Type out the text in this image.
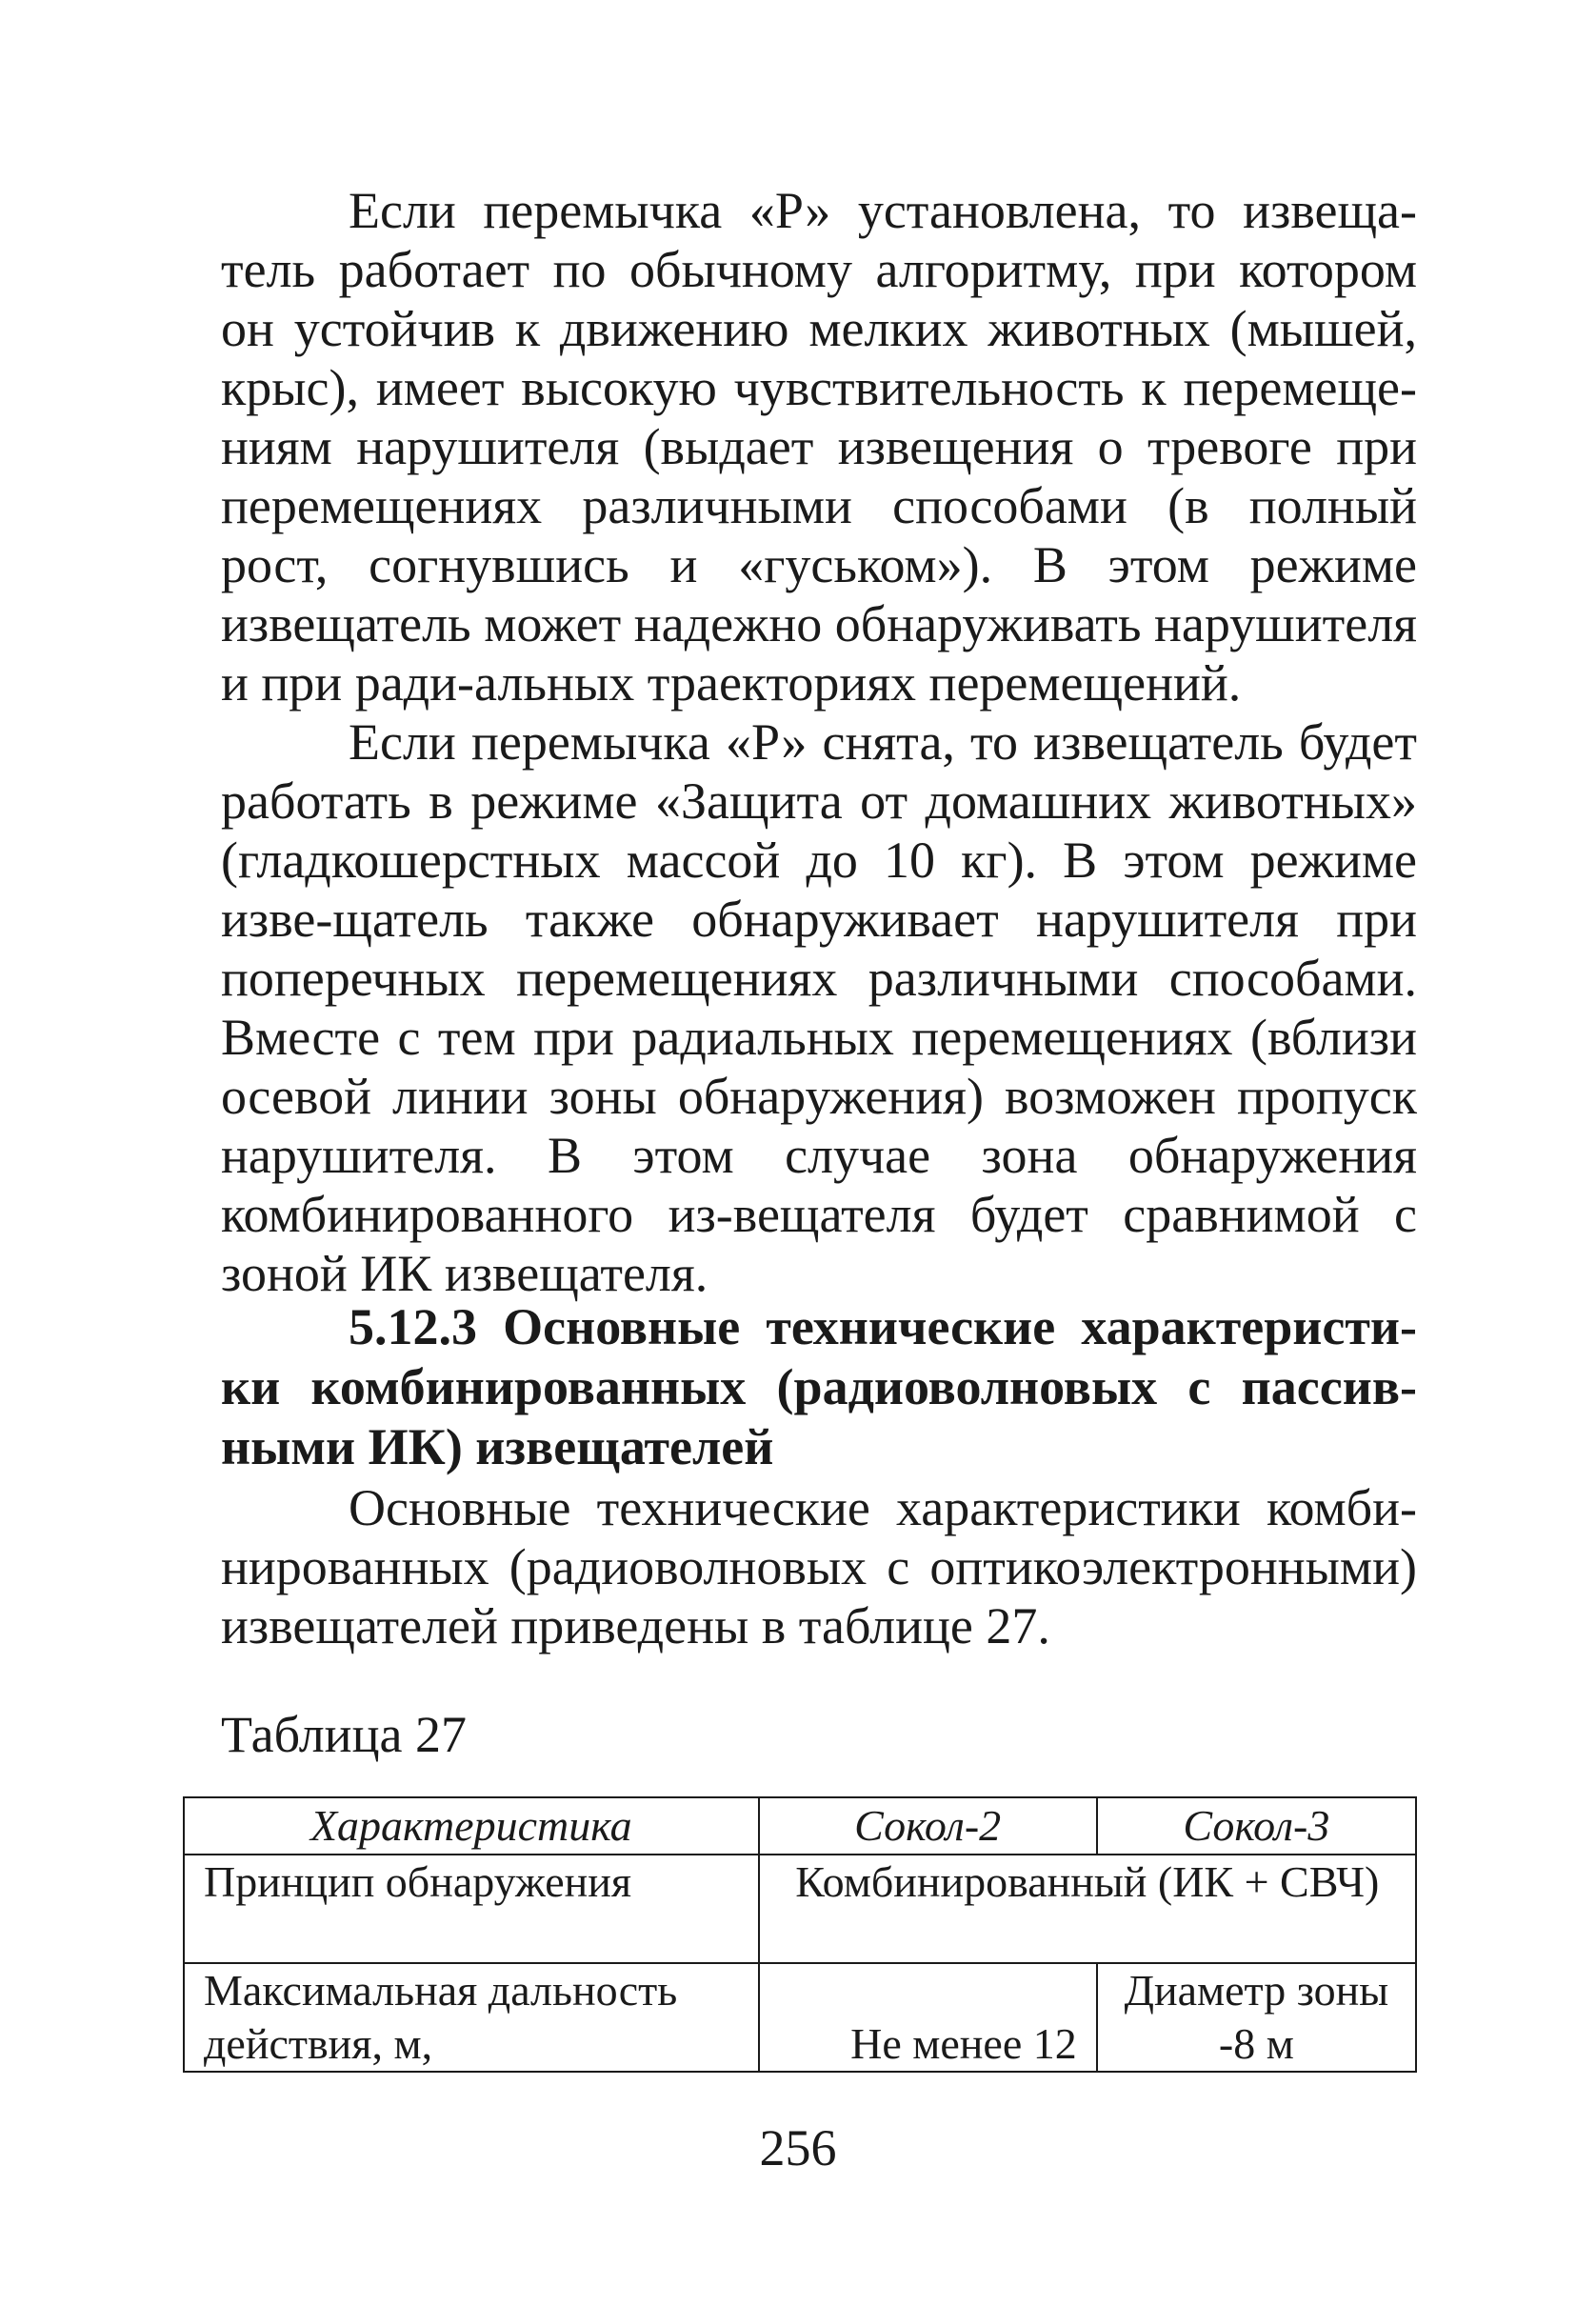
Если перемычка «Р» установлена, то извеща-тель работает по обычному алгоритму, при котором он устойчив к движению мелких животных (мышей, крыс), имеет высокую чувствительность к перемеще-ниям нарушителя (выдает извещения о тревоге при перемещениях различными способами (в полный рост, согнувшись и «гуськом»). В этом режиме извещатель может надежно обнаруживать нарушителя и при ради-альных траекториях перемещений.

Если перемычка «Р» снята, то извещатель будет работать в режиме «Защита от домашних животных» (гладкошерстных массой до 10 кг). В этом режиме изве-щатель также обнаруживает нарушителя при поперечных перемещениях различными способами. Вместе с тем при радиальных перемещениях (вблизи осевой линии зоны обнаружения) возможен пропуск нарушителя. В этом случае зона обнаружения комбинированного из-вещателя будет сравнимой с зоной ИК извещателя.

5.12.3 Основные технические характеристи-ки комбинированных (радиоволновых с пассив-ными ИК) извещателей

Основные технические характеристики комби-нированных (радиоволновых с оптикоэлектронными) извещателей приведены в таблице 27.

Таблица 27

Характеристика	Сокол-2	Сокол-3
Принцип обнаружения	Комбинированный (ИК + СВЧ)	
Максимальная дальность действия, м,	Не менее 12	Диаметр зоны -8 м

256
